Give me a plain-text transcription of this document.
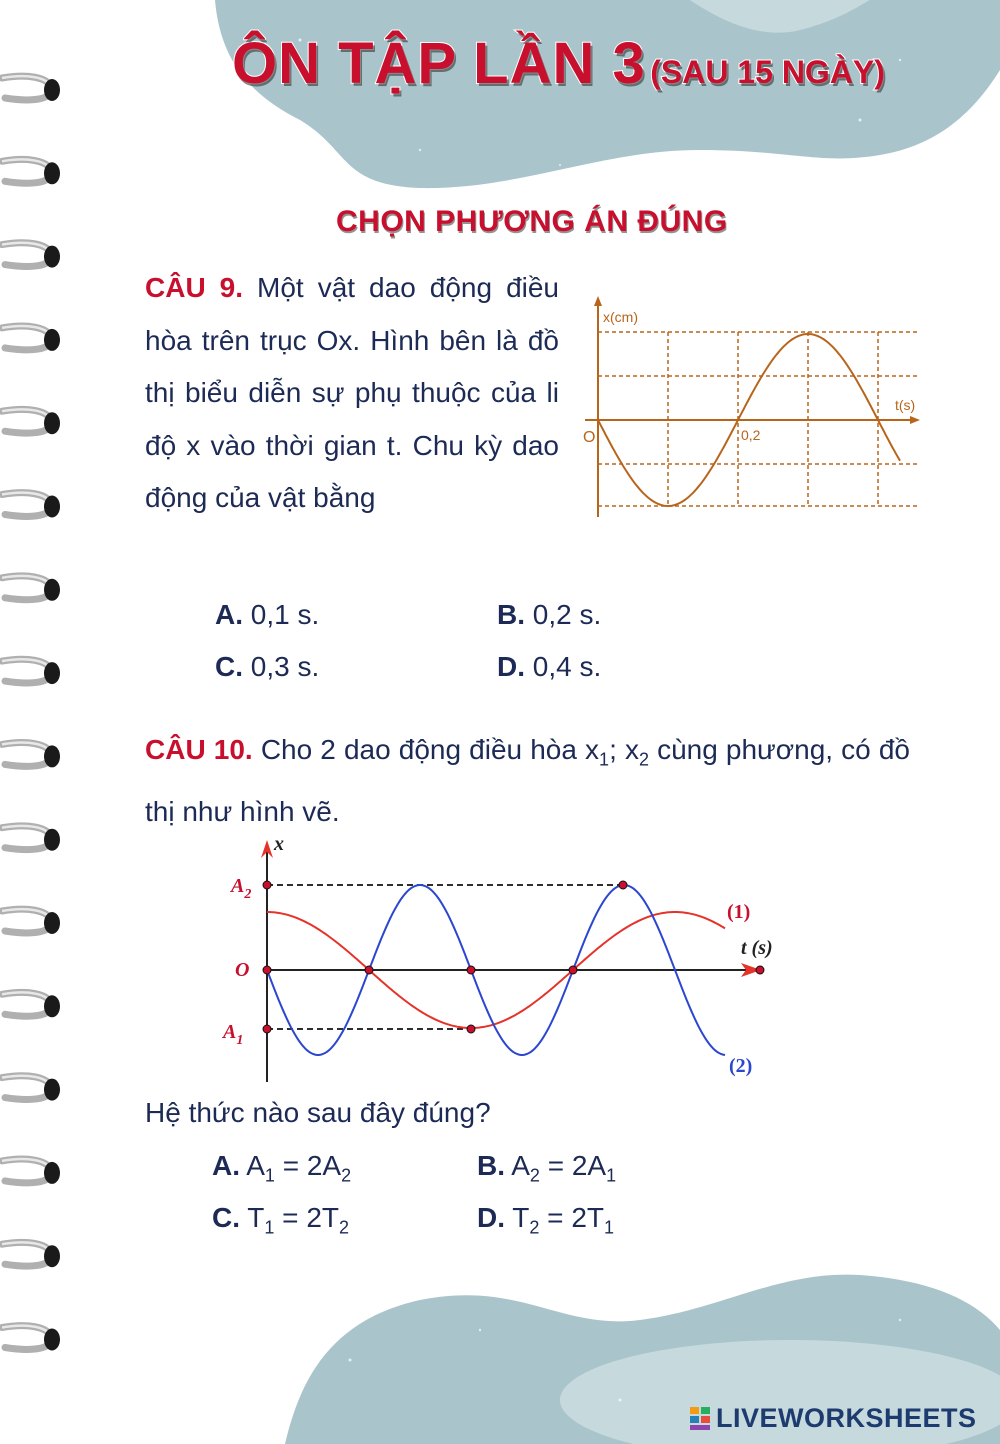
ÔN TẬP LẦN 3 (SAU 15 NGÀY)
CHỌN PHƯƠNG ÁN ĐÚNG
CÂU 9. Một vật dao động điều hòa trên trục Ox. Hình bên là đồ thị biểu diễn sự phụ thuộc của li độ x vào thời gian t. Chu kỳ dao động của vật bằng
x(cm)
t(s)
O	0,2
A. 0,1 s.	B. 0,2 s.
C. 0,3 s.	D. 0,4 s.
CÂU 10. Cho 2 dao động điều hòa $x_1$; $x_2$ cùng phương, có đồ thị như hình vẽ.
x
t (s)
O
$A_2$
$A_1$
(1)
(2)
Hệ thức nào sau đây đúng?
A. $A_1 = 2A_2$	B. $A_2 = 2A_1$
C. $T_1 = 2T_2$	D. $T_2 = 2T_1$
LIVEWORKSHEETS
